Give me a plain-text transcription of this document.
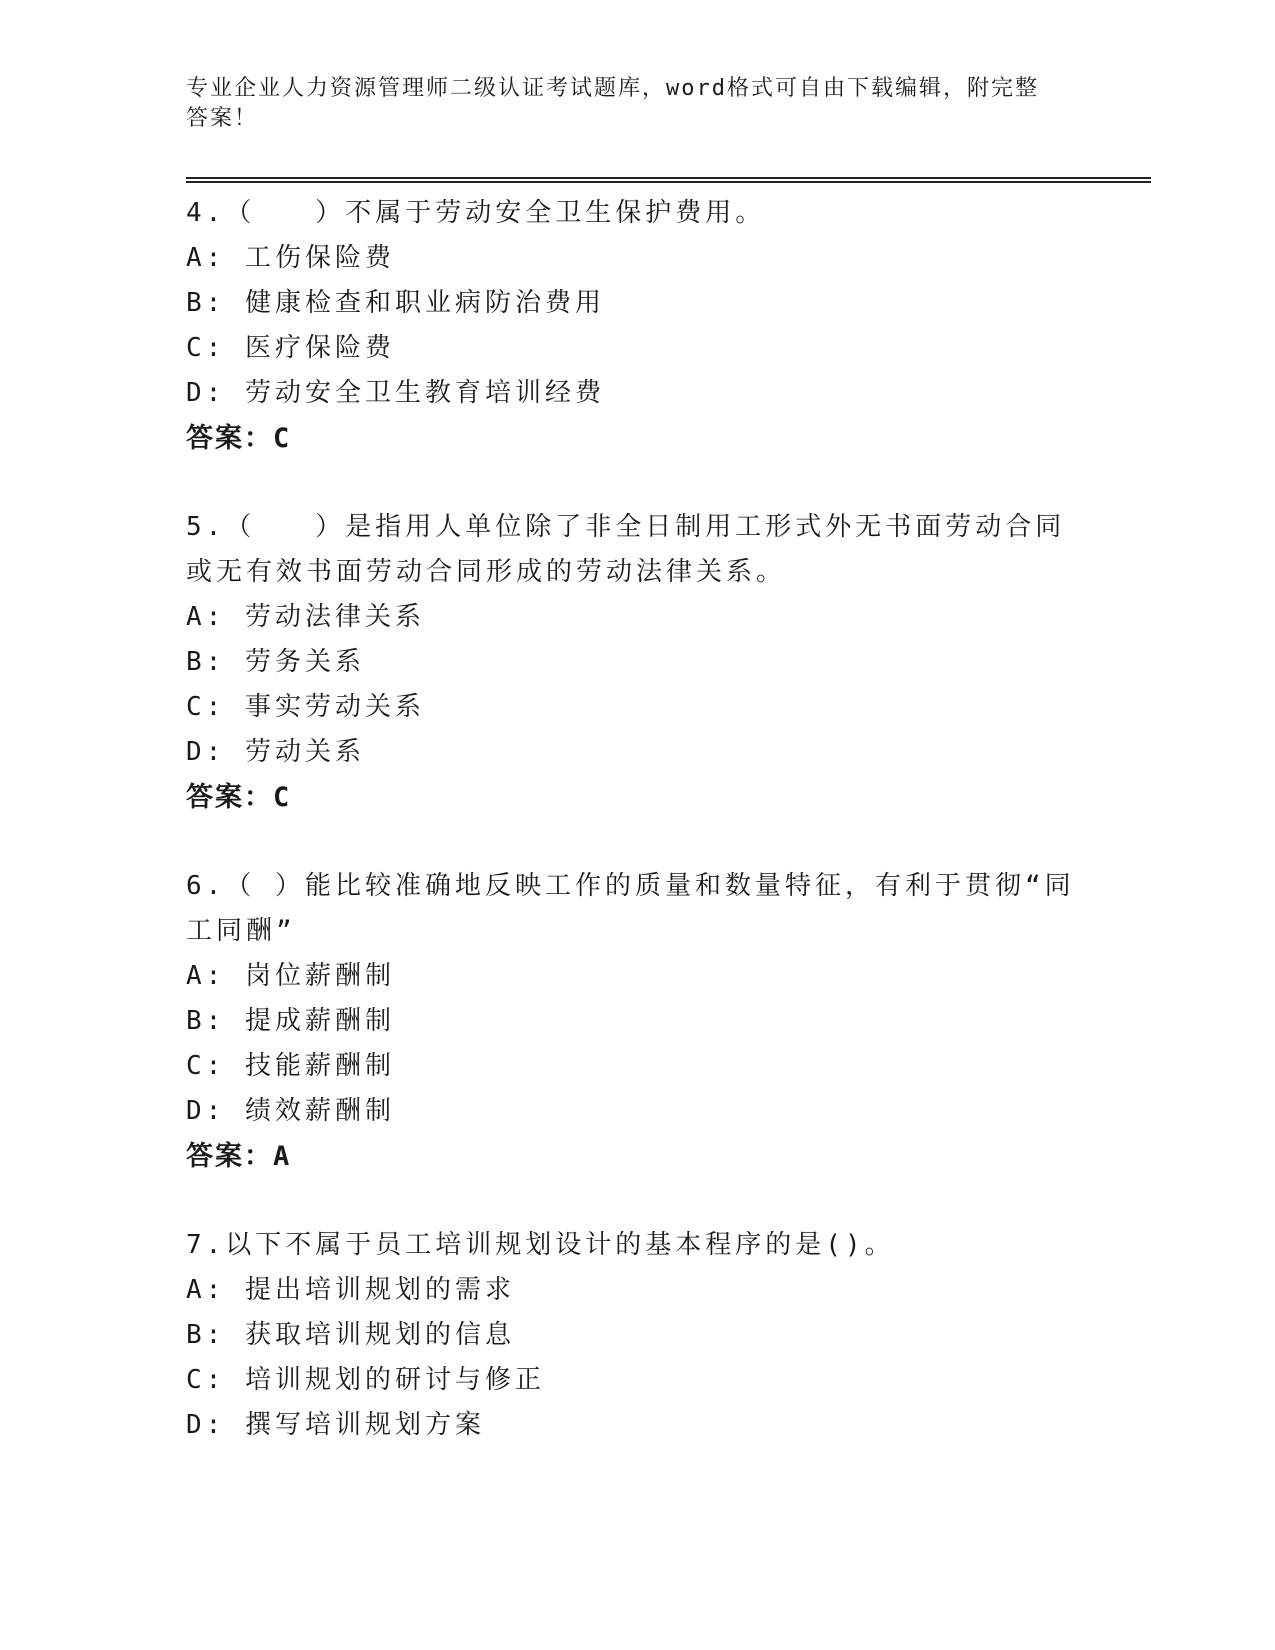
专业企业人力资源管理师二级认证考试题库，word格式可自由下载编辑，附完整
答案！
4.（　　）不属于劳动安全卫生保护费用。
A: 工伤保险费
B: 健康检查和职业病防治费用
C: 医疗保险费
D: 劳动安全卫生教育培训经费
答案：C
5.（　　）是指用人单位除了非全日制用工形式外无书面劳动合同或无有效书面劳动合同形成的劳动法律关系。
A: 劳动法律关系
B: 劳务关系
C: 事实劳动关系
D: 劳动关系
答案：C
6.（ ）能比较准确地反映工作的质量和数量特征，有利于贯彻“同工同酬”
A: 岗位薪酬制
B: 提成薪酬制
C: 技能薪酬制
D: 绩效薪酬制
答案：A
7.以下不属于员工培训规划设计的基本程序的是()。
A: 提出培训规划的需求
B: 获取培训规划的信息
C: 培训规划的研讨与修正
D: 撰写培训规划方案
